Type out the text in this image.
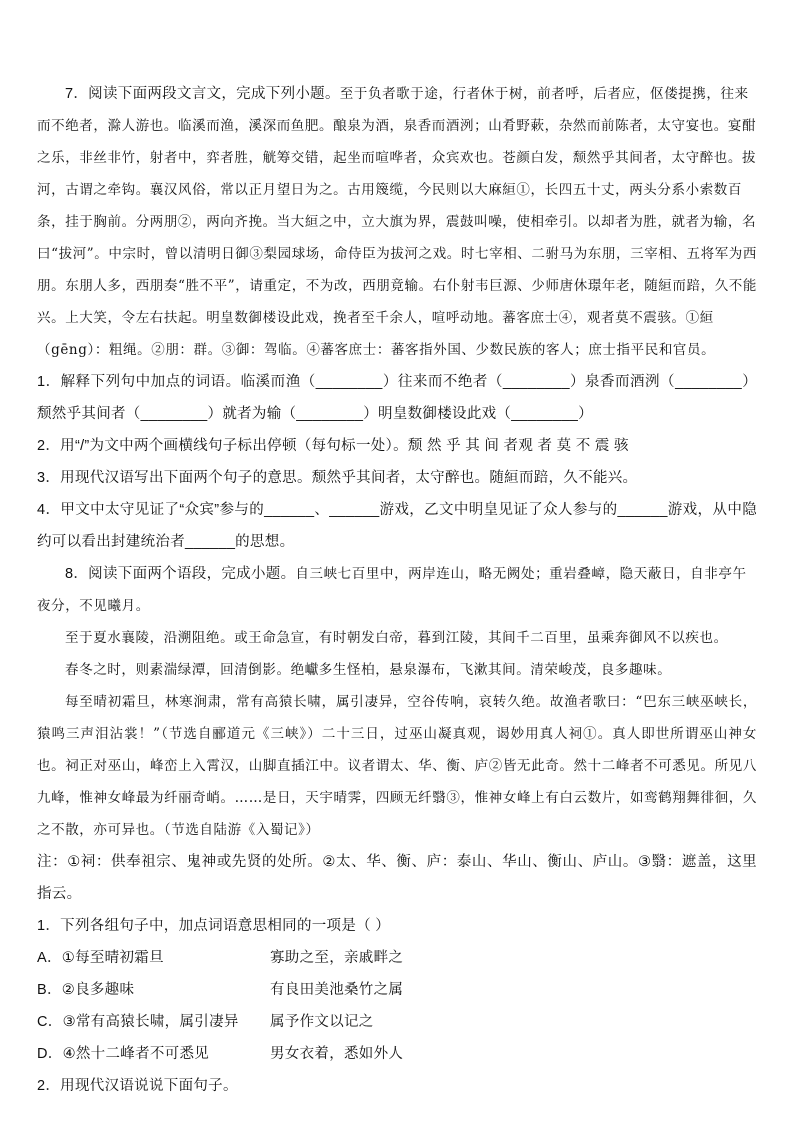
7．阅读下面两段文言文，完成下列小题。至于负者歌于途，行者休于树，前者呼，后者应，伛偻提携，往来而不绝者，滁人游也。临溪而渔，溪深而鱼肥。酿泉为酒，泉香而酒洌；山肴野蔌，杂然而前陈者，太守宴也。宴酣之乐，非丝非竹，射者中，弈者胜，觥筹交错，起坐而喧哗者，众宾欢也。苍颜白发，颓然乎其间者，太守醉也。拔河，古谓之牵钩。襄汉风俗，常以正月望日为之。古用篾缆，今民则以大麻絙①，长四五十丈，两头分系小索数百条，挂于胸前。分两朋②，两向齐挽。当大絙之中，立大旗为界，震鼓叫噪，使相牵引。以却者为胜，就者为输，名曰“拔河”。中宗时，曾以清明日御③梨园球场，命侍臣为拔河之戏。时七宰相、二驸马为东朋，三宰相、五将军为西朋。东朋人多，西朋奏“胜不平”，请重定，不为改，西朋竟输。右仆射韦巨源、少师唐休璟年老，随絙而踣，久不能兴。上大笑，令左右扶起。明皇数御楼设此戏，挽者至千余人，喧呼动地。蕃客庶士④，观者莫不震骇。①絙（gēng）：粗绳。②朋：群。③御：驾临。④蕃客庶士：蕃客指外国、少数民族的客人；庶士指平民和官员。

1．解释下列句中加点的词语。临溪而渔（________）往来而不绝者（________）泉香而酒洌（________）颓然乎其间者（________）就者为输（________）明皇数御楼设此戏（________）

2．用“/”为文中两个画横线句子标出停顿（每句标一处）。颓 然 乎 其 间 者观 者 莫 不 震 骇

3．用现代汉语写出下面两个句子的意思。颓然乎其间者，太守醉也。随絙而踣，久不能兴。

4．甲文中太守见证了“众宾”参与的______、______游戏，乙文中明皇见证了众人参与的______游戏，从中隐约可以看出封建统治者______的思想。

8．阅读下面两个语段，完成小题。自三峡七百里中，两岸连山，略无阙处；重岩叠嶂，隐天蔽日，自非亭午夜分，不见曦月。

至于夏水襄陵，沿溯阻绝。或王命急宣，有时朝发白帝，暮到江陵，其间千二百里，虽乘奔御风不以疾也。

春冬之时，则素湍绿潭，回清倒影。绝巘多生怪柏，悬泉瀑布，飞漱其间。清荣峻茂，良多趣味。

每至晴初霜旦，林寒涧肃，常有高猿长啸，属引凄异，空谷传响，哀转久绝。故渔者歌曰：“巴东三峡巫峡长，猿鸣三声泪沾裳！”（节选自郦道元《三峡》）二十三日，过巫山凝真观，谒妙用真人祠①。真人即世所谓巫山神女也。祠正对巫山，峰峦上入霄汉，山脚直插江中。议者谓太、华、衡、庐②皆无此奇。然十二峰者不可悉见。所见八九峰，惟神女峰最为纤丽奇峭。……是日，天宇晴霁，四顾无纤翳③，惟神女峰上有白云数片，如鸾鹤翔舞徘徊，久之不散，亦可异也。（节选自陆游《入蜀记》）

注：①祠：供奉祖宗、鬼神或先贤的处所。②太、华、衡、庐：泰山、华山、衡山、庐山。③翳：遮盖，这里指云。

1．下列各组句子中，加点词语意思相同的一项是（ ）

A．①每至晴初霜旦	寡助之至，亲戚畔之
B．②良多趣味	有良田美池桑竹之属
C．③常有高猿长啸，属引凄异	属予作文以记之
D．④然十二峰者不可悉见	男女衣着，悉如外人

2．用现代汉语说说下面句子。
